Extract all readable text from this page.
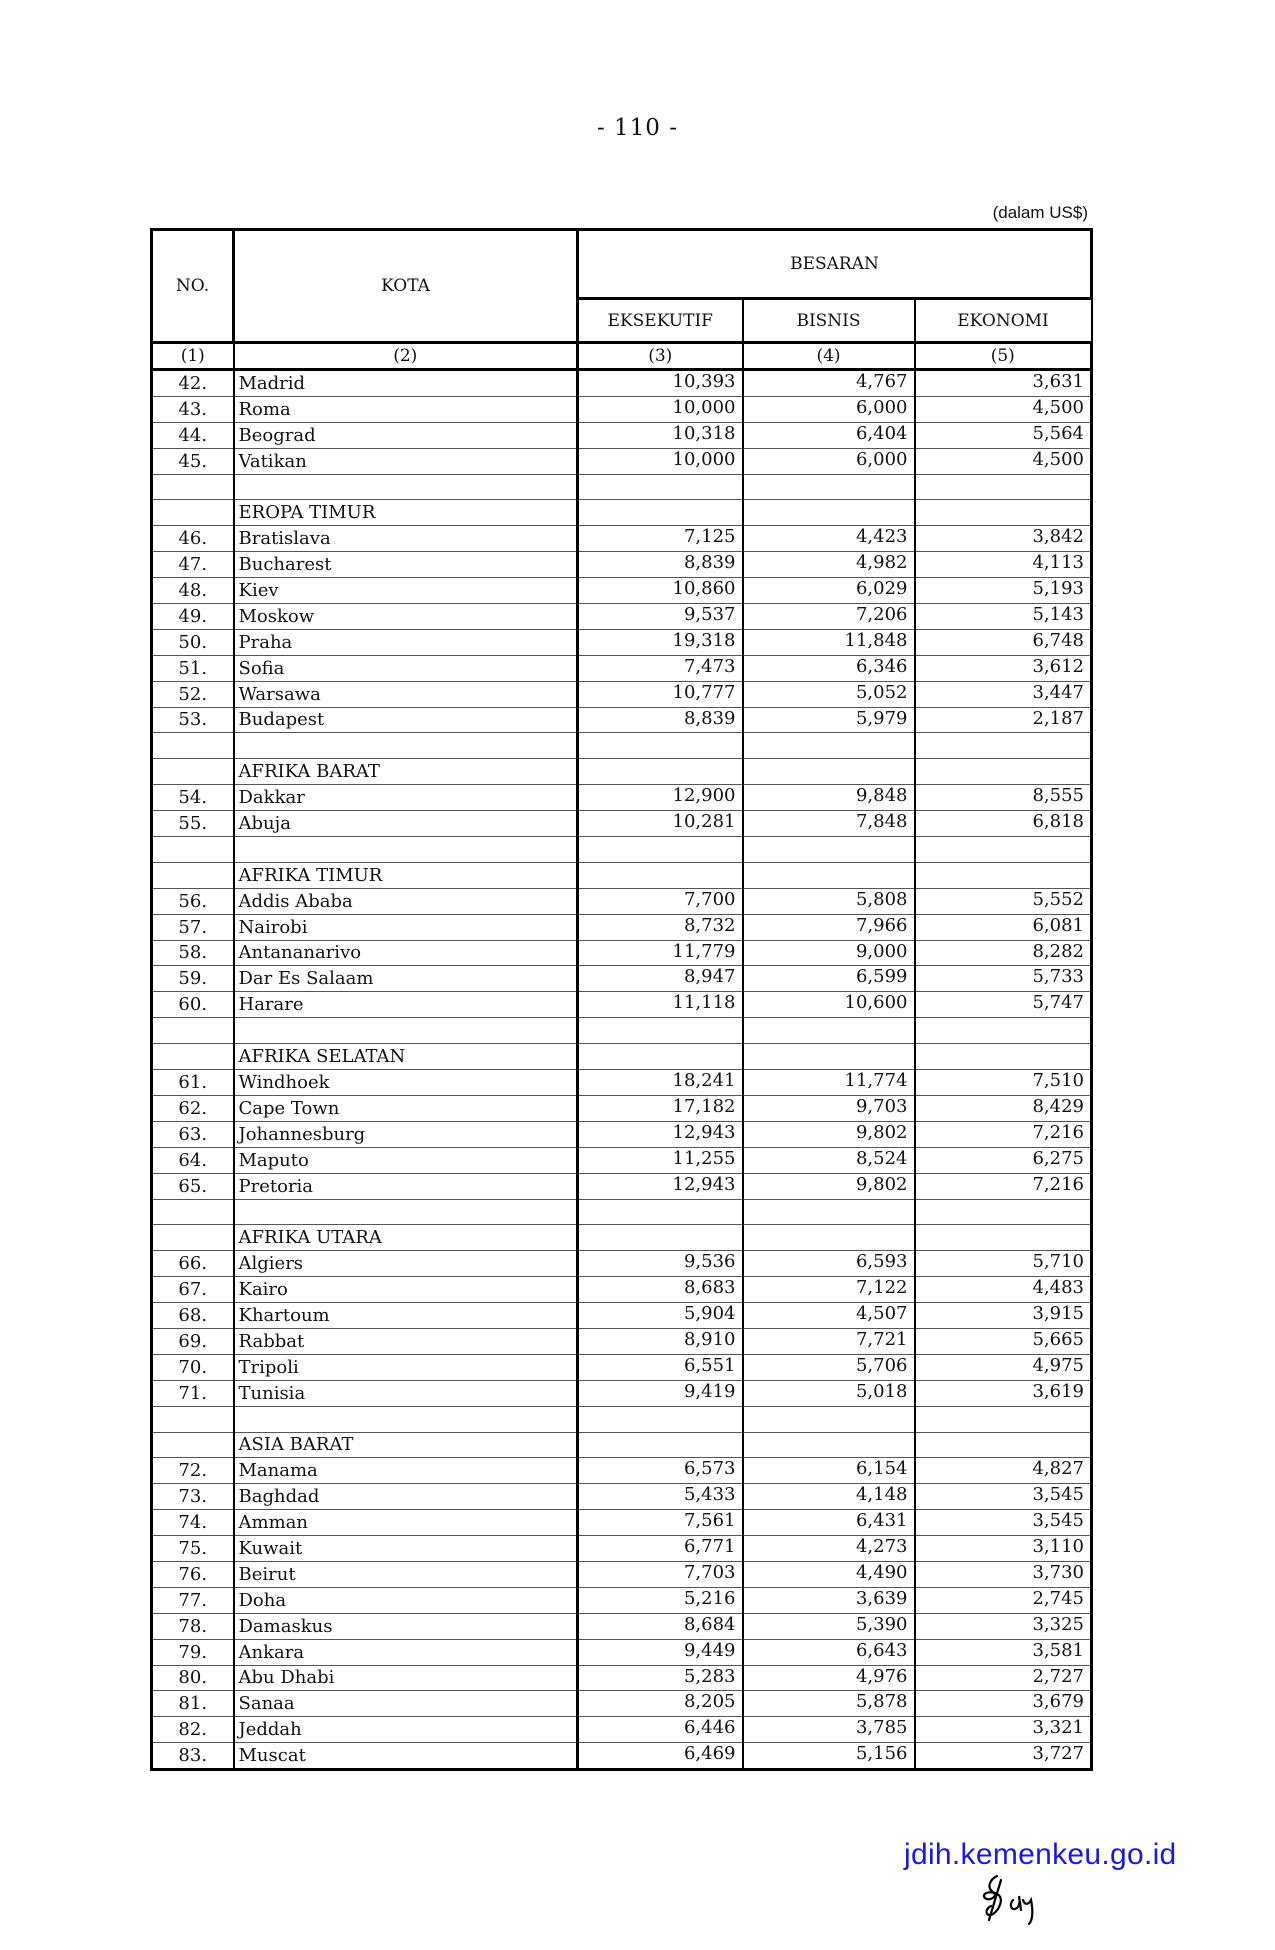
- 110 -
(dalam US$)
NO.	KOTA	BESARAN		
		EKSEKUTIF	BISNIS	EKONOMI
(1)	(2)	(3)	(4)	(5)
42.	Madrid	10,393	4,767	3,631
43.	Roma	10,000	6,000	4,500
44.	Beograd	10,318	6,404	5,564
45.	Vatikan	10,000	6,000	4,500

	EROPA TIMUR			
46.	Bratislava	7,125	4,423	3,842
47.	Bucharest	8,839	4,982	4,113
48.	Kiev	10,860	6,029	5,193
49.	Moskow	9,537	7,206	5,143
50.	Praha	19,318	11,848	6,748
51.	Sofia	7,473	6,346	3,612
52.	Warsawa	10,777	5,052	3,447
53.	Budapest	8,839	5,979	2,187

	AFRIKA BARAT			
54.	Dakkar	12,900	9,848	8,555
55.	Abuja	10,281	7,848	6,818

	AFRIKA TIMUR			
56.	Addis Ababa	7,700	5,808	5,552
57.	Nairobi	8,732	7,966	6,081
58.	Antananarivo	11,779	9,000	8,282
59.	Dar Es Salaam	8,947	6,599	5,733
60.	Harare	11,118	10,600	5,747

	AFRIKA SELATAN			
61.	Windhoek	18,241	11,774	7,510
62.	Cape Town	17,182	9,703	8,429
63.	Johannesburg	12,943	9,802	7,216
64.	Maputo	11,255	8,524	6,275
65.	Pretoria	12,943	9,802	7,216

	AFRIKA UTARA			
66.	Algiers	9,536	6,593	5,710
67.	Kairo	8,683	7,122	4,483
68.	Khartoum	5,904	4,507	3,915
69.	Rabbat	8,910	7,721	5,665
70.	Tripoli	6,551	5,706	4,975
71.	Tunisia	9,419	5,018	3,619

	ASIA BARAT			
72.	Manama	6,573	6,154	4,827
73.	Baghdad	5,433	4,148	3,545
74.	Amman	7,561	6,431	3,545
75.	Kuwait	6,771	4,273	3,110
76.	Beirut	7,703	4,490	3,730
77.	Doha	5,216	3,639	2,745
78.	Damaskus	8,684	5,390	3,325
79.	Ankara	9,449	6,643	3,581
80.	Abu Dhabi	5,283	4,976	2,727
81.	Sanaa	8,205	5,878	3,679
82.	Jeddah	6,446	3,785	3,321
83.	Muscat	6,469	5,156	3,727
jdih.kemenkeu.go.id
